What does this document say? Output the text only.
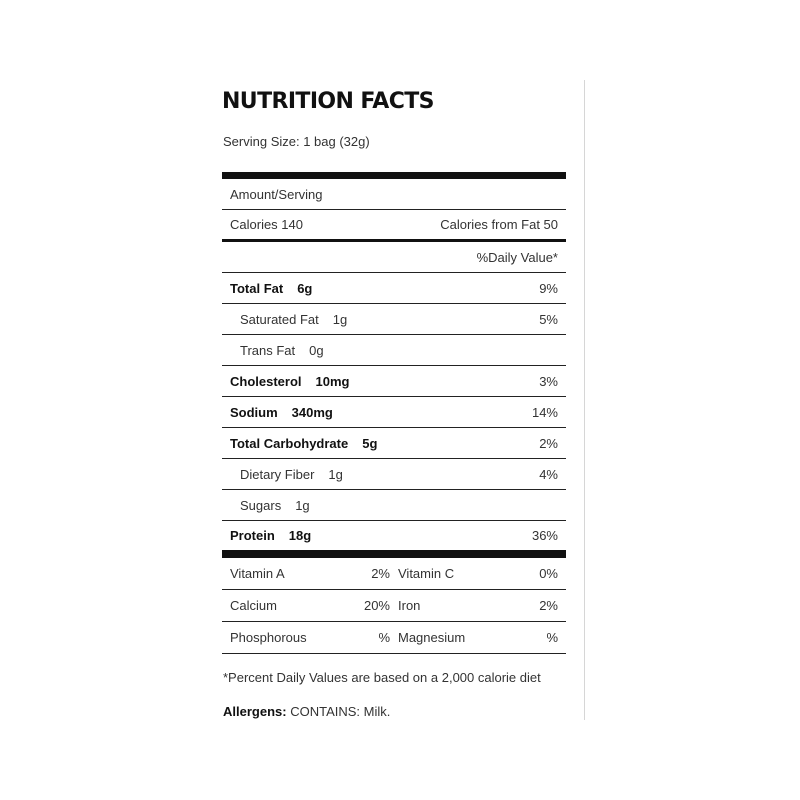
NUTRITION FACTS
Serving Size: 1 bag (32g)
Amount/Serving
Calories 140	Calories from Fat 50
%Daily Value*
Total Fat 6g	9%
Saturated Fat 1g	5%
Trans Fat 0g
Cholesterol 10mg	3%
Sodium 340mg	14%
Total Carbohydrate 5g	2%
Dietary Fiber 1g	4%
Sugars 1g
Protein 18g	36%
Vitamin A	2% Vitamin C	0%
Calcium	20% Iron	2%
Phosphorous	% Magnesium	%
*Percent Daily Values are based on a 2,000 calorie diet
Allergens: CONTAINS: Milk.
